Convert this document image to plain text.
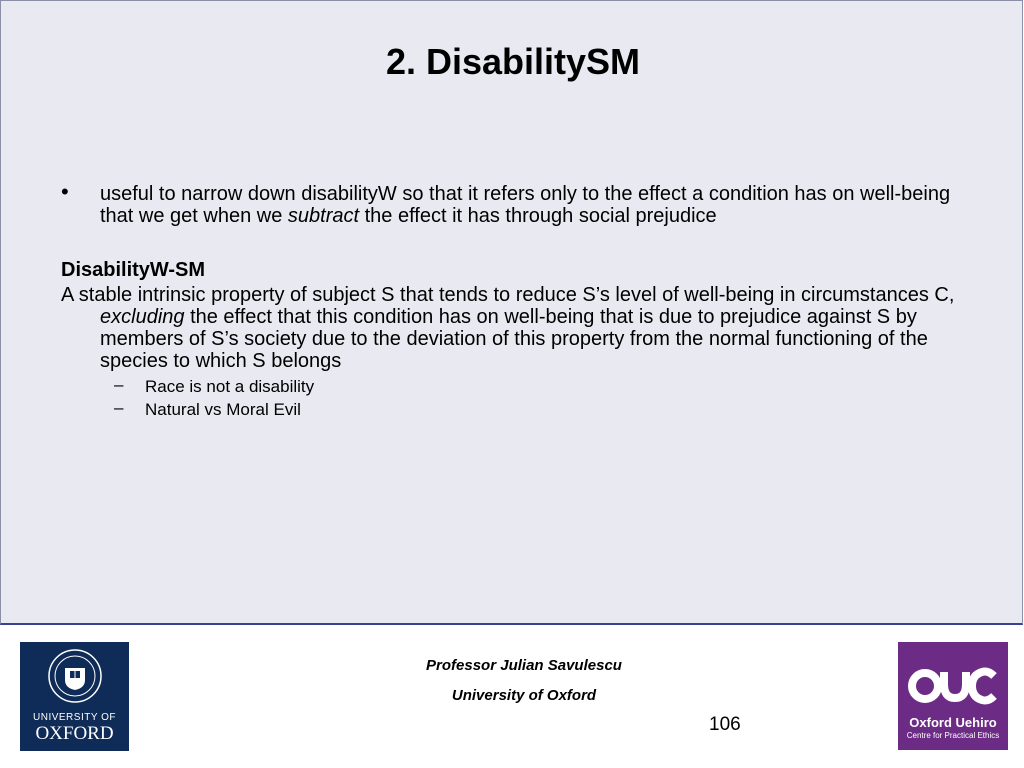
2. DisabilitySM
• useful to narrow down disabilityW so that it refers only to the effect a condition has on well-being that we get when we subtract the effect it has through social prejudice
DisabilityW-SM
A stable intrinsic property of subject S that tends to reduce S’s level of well-being in circumstances C, excluding the effect that this condition has on well-being that is due to prejudice against S by members of S’s society due to the deviation of this property from the normal functioning of the species to which S belongs
– Race is not a disability
– Natural vs Moral Evil
UNIVERSITY OF
OXFORD
Professor Julian Savulescu
University of Oxford
106	Oxford Uehiro
Centre for Practical Ethics
